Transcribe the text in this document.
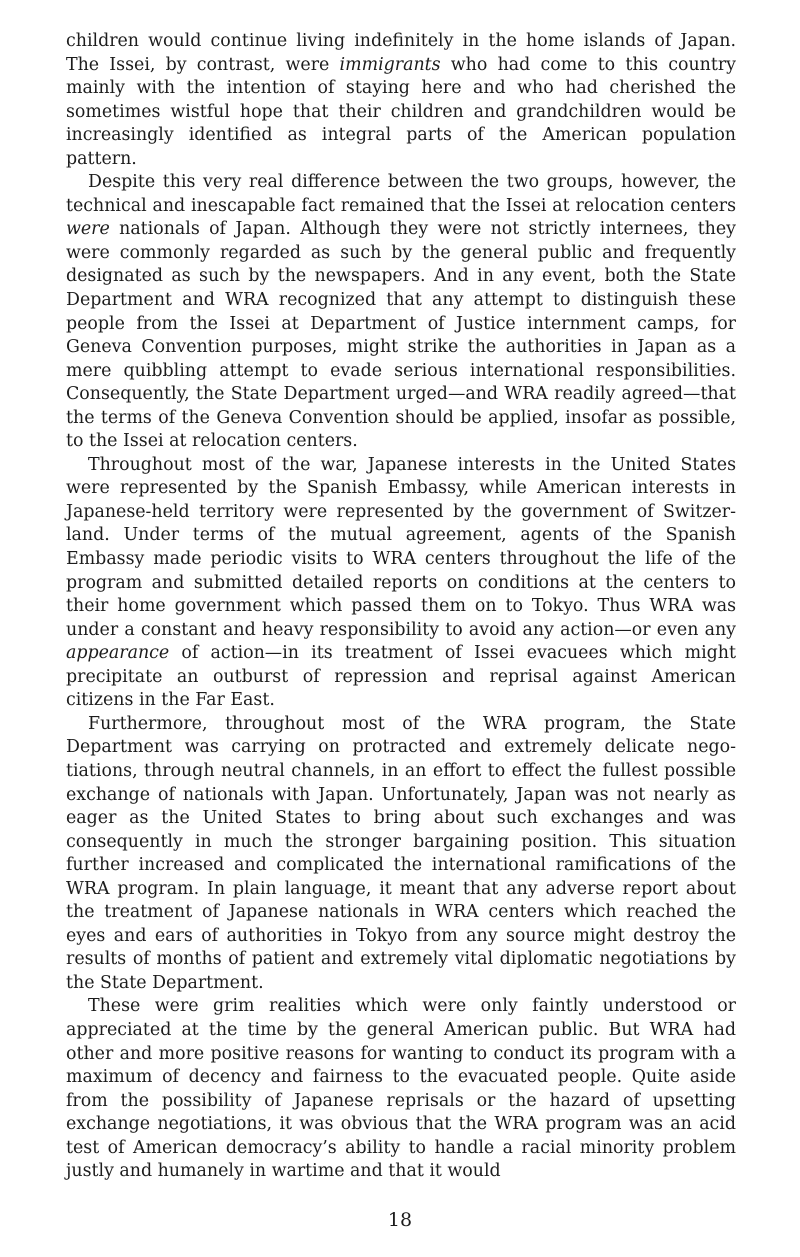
children would continue living indefinitely in the home islands of Japan. The Issei, by contrast, were immigrants who had come to this country mainly with the intention of staying here and who had cherished the sometimes wistful hope that their children and grandchildren would be increasingly identified as integral parts of the American population pattern.

Despite this very real difference between the two groups, however, the technical and inescapable fact remained that the Issei at relocation centers were nationals of Japan. Although they were not strictly internees, they were commonly regarded as such by the general public and frequently designated as such by the newspapers. And in any event, both the State Department and WRA recognized that any attempt to distinguish these people from the Issei at Department of Justice internment camps, for Geneva Convention purposes, might strike the authorities in Japan as a mere quibbling attempt to evade serious international responsibilities. Consequently, the State Department urged—and WRA readily agreed—that the terms of the Geneva Convention should be applied, insofar as possible, to the Issei at relocation centers.

Throughout most of the war, Japanese interests in the United States were represented by the Spanish Embassy, while American interests in Japanese-held territory were represented by the government of Switzerland. Under terms of the mutual agreement, agents of the Spanish Embassy made periodic visits to WRA centers throughout the life of the program and submitted detailed reports on conditions at the centers to their home government which passed them on to Tokyo. Thus WRA was under a constant and heavy responsibility to avoid any action—or even any appearance of action—in its treatment of Issei evacuees which might precipitate an outburst of repression and reprisal against American citizens in the Far East.

Furthermore, throughout most of the WRA program, the State Department was carrying on protracted and extremely delicate negotiations, through neutral channels, in an effort to effect the fullest possible exchange of nationals with Japan. Unfortunately, Japan was not nearly as eager as the United States to bring about such exchanges and was consequently in much the stronger bargaining position. This situation further increased and complicated the international ramifications of the WRA program. In plain language, it meant that any adverse report about the treatment of Japanese nationals in WRA centers which reached the eyes and ears of authorities in Tokyo from any source might destroy the results of months of patient and extremely vital diplomatic negotiations by the State Department.

These were grim realities which were only faintly understood or appreciated at the time by the general American public. But WRA had other and more positive reasons for wanting to conduct its program with a maximum of decency and fairness to the evacuated people. Quite aside from the possibility of Japanese reprisals or the hazard of upsetting exchange negotiations, it was obvious that the WRA program was an acid test of American democracy’s ability to handle a racial minority problem justly and humanely in wartime and that it would

18
